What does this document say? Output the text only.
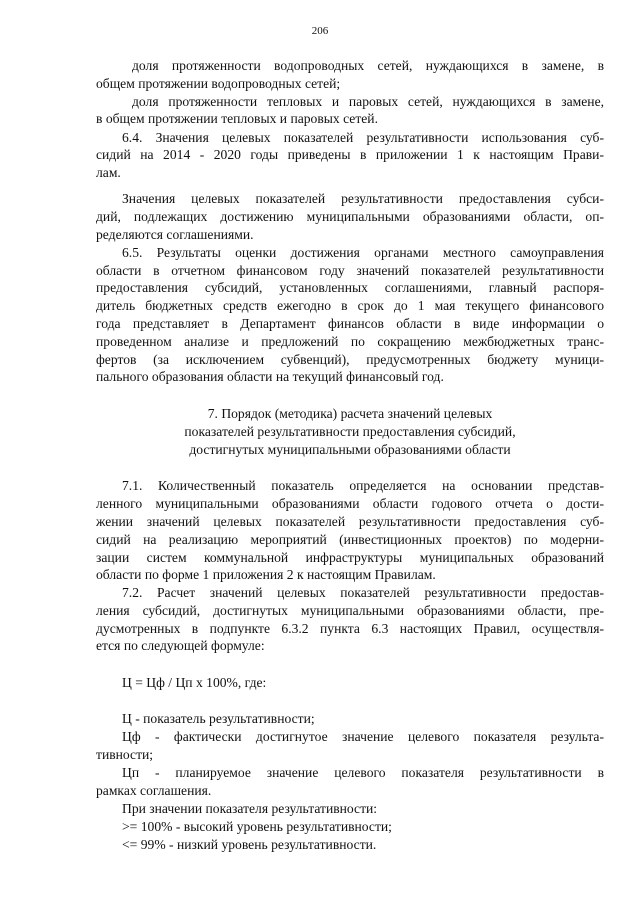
206
доля протяженности водопроводных сетей, нуждающихся в замене, в
общем протяжении водопроводных сетей;
доля протяженности тепловых и паровых сетей, нуждающихся в замене,
в общем протяжении тепловых и паровых сетей.
6.4. Значения целевых показателей результативности использования суб-
сидий на 2014 - 2020 годы приведены в приложении 1 к настоящим Прави-
лам.
Значения целевых показателей результативности предоставления субси-
дий, подлежащих достижению муниципальными образованиями области, оп-
ределяются соглашениями.
6.5. Результаты оценки достижения органами местного самоуправления
области в отчетном финансовом году значений показателей результативности
предоставления субсидий, установленных соглашениями, главный распоря-
дитель бюджетных средств ежегодно в срок до 1 мая текущего финансового
года представляет в Департамент финансов области в виде информации о
проведенном анализе и предложений по сокращению межбюджетных транс-
фертов (за исключением субвенций), предусмотренных бюджету муници-
пального образования области на текущий финансовый год.
7. Порядок (методика) расчета значений целевых
показателей результативности предоставления субсидий,
достигнутых муниципальными образованиями области
7.1. Количественный показатель определяется на основании представ-
ленного муниципальными образованиями области годового отчета о дости-
жении значений целевых показателей результативности предоставления суб-
сидий на реализацию мероприятий (инвестиционных проектов) по модерни-
зации систем коммунальной инфраструктуры муниципальных образований
области по форме 1 приложения 2 к настоящим Правилам.
7.2. Расчет значений целевых показателей результативности предостав-
ления субсидий, достигнутых муниципальными образованиями области, пре-
дусмотренных в подпункте 6.3.2 пункта 6.3 настоящих Правил, осуществля-
ется по следующей формуле:
Ц = Цф / Цп х 100%, где:
Ц - показатель результативности;
Цф - фактически достигнутое значение целевого показателя результа-
тивности;
Цп - планируемое значение целевого показателя результативности в
рамках соглашения.
При значении показателя результативности:
>= 100% - высокий уровень результативности;
<= 99% - низкий уровень результативности.
